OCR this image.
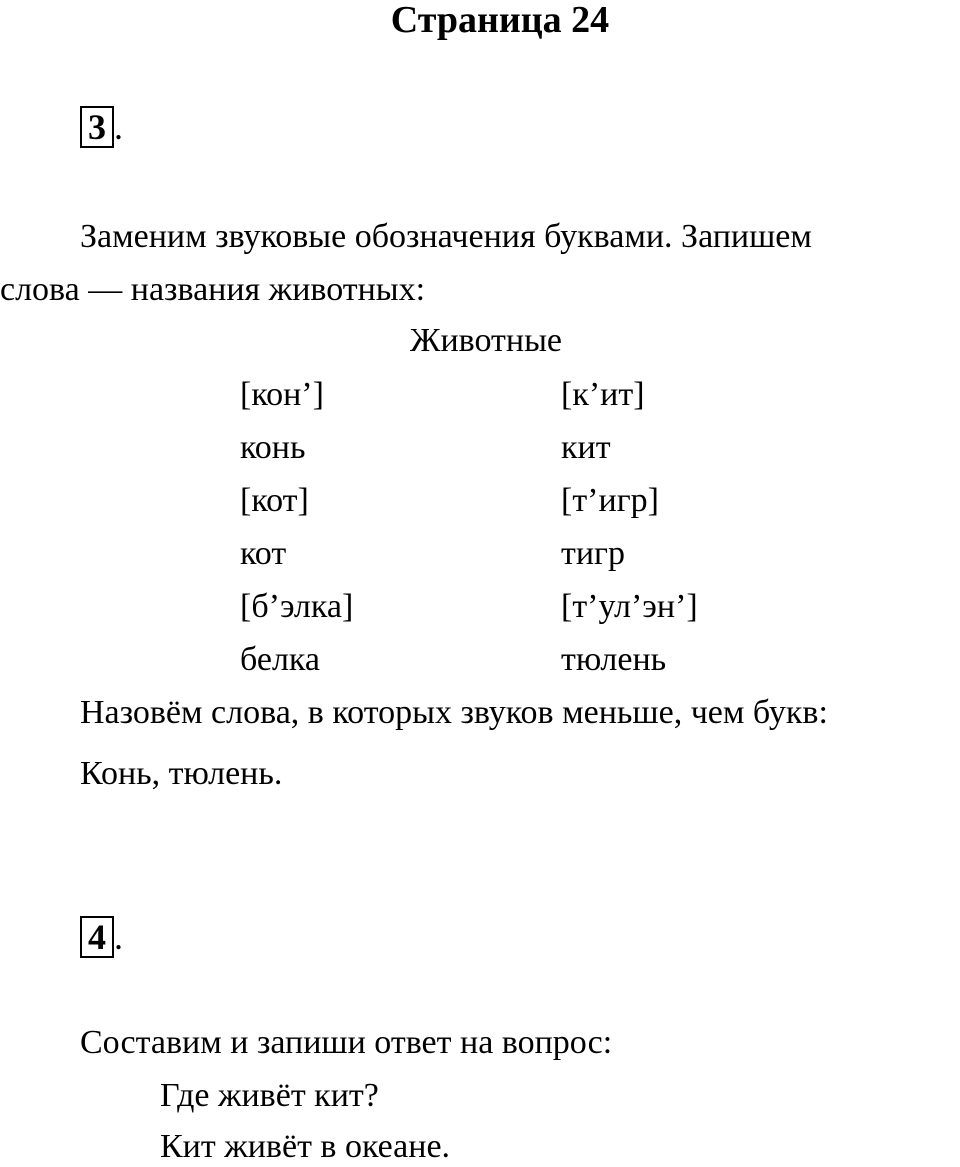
Страница 24
3 .
Заменим звуковые обозначения буквами. Запишем
слова — названия животных:
Животные
[кон’]	[к’ит]
конь	кит
[кот]	[т’игр]
кот	тигр
[б’элка]	[т’ул’эн’]
белка	тюлень
Назовём слова, в которых звуков меньше, чем букв:
Конь, тюлень.
4 .
Составим и запиши ответ на вопрос:
Где живёт кит?
Кит живёт в океане.
